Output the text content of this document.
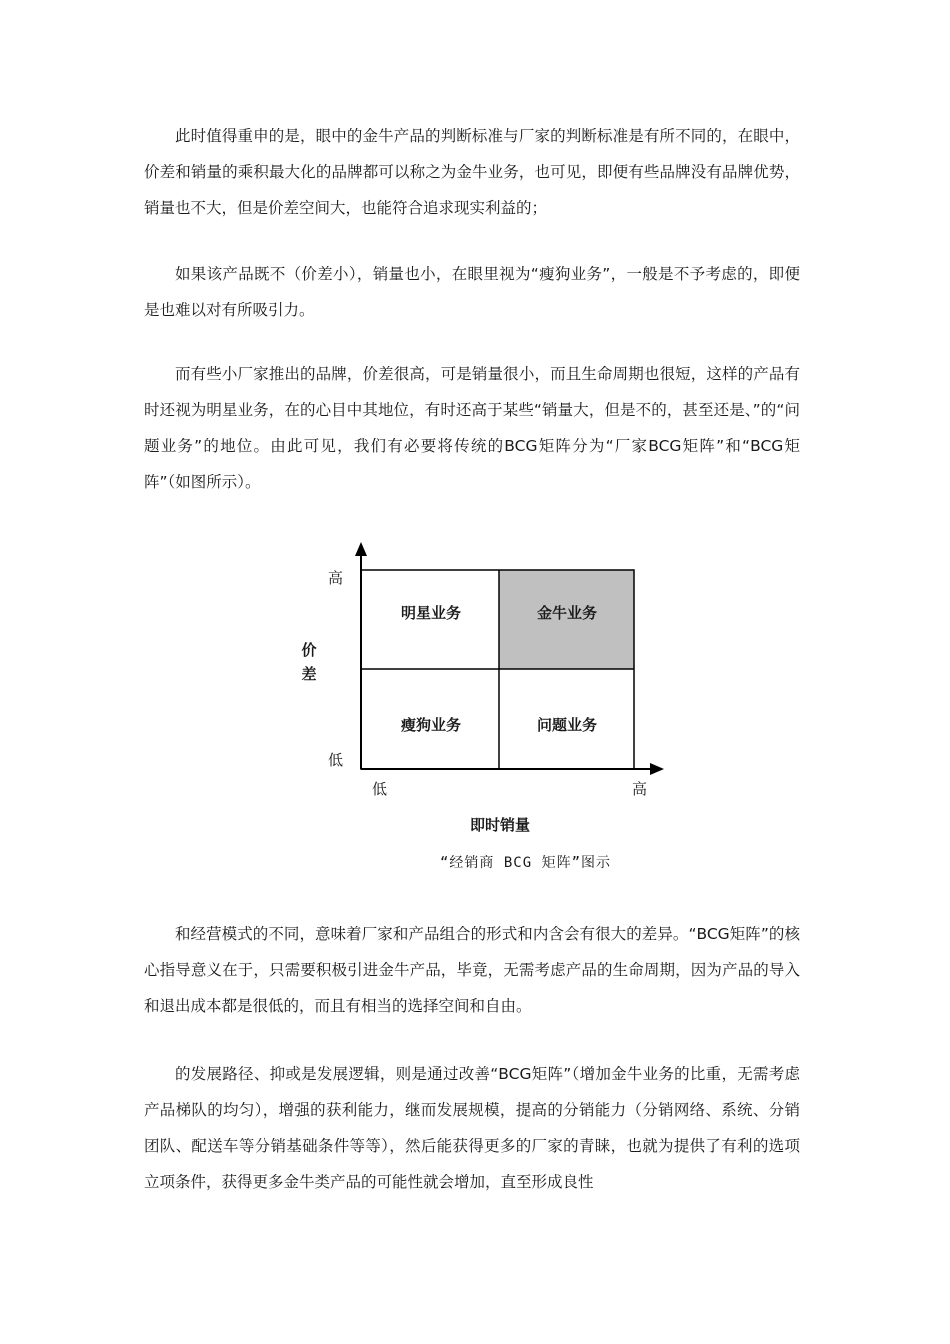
此时值得重申的是，眼中的金牛产品的判断标准与厂家的判断标准是有所不同的，在眼中，价差和销量的乘积最大化的品牌都可以称之为金牛业务，也可见，即便有些品牌没有品牌优势，销量也不大，但是价差空间大，也能符合追求现实利益的；

如果该产品既不（价差小），销量也小，在眼里视为“瘦狗业务”，一般是不予考虑的，即便是也难以对有所吸引力。

而有些小厂家推出的品牌，价差很高，可是销量很小，而且生命周期也很短，这样的产品有时还视为明星业务，在的心目中其地位，有时还高于某些“销量大，但是不的，甚至还是、”的“问题业务”的地位。由此可见，我们有必要将传统的BCG矩阵分为“厂家BCG矩阵”和“BCG矩阵”（如图所示）。

明星业务	金牛业务
瘦狗业务	问题业务
高
低
价
差
低	高
即时销量
“经销商 BCG 矩阵”图示

和经营模式的不同，意味着厂家和产品组合的形式和内含会有很大的差异。“BCG矩阵”的核心指导意义在于，只需要积极引进金牛产品，毕竟，无需考虑产品的生命周期，因为产品的导入和退出成本都是很低的，而且有相当的选择空间和自由。

的发展路径、抑或是发展逻辑，则是通过改善“BCG矩阵”（增加金牛业务的比重，无需考虑产品梯队的均匀），增强的获利能力，继而发展规模，提高的分销能力（分销网络、系统、分销团队、配送车等分销基础条件等等），然后能获得更多的厂家的青睐，也就为提供了有利的选项立项条件，获得更多金牛类产品的可能性就会增加，直至形成良性
